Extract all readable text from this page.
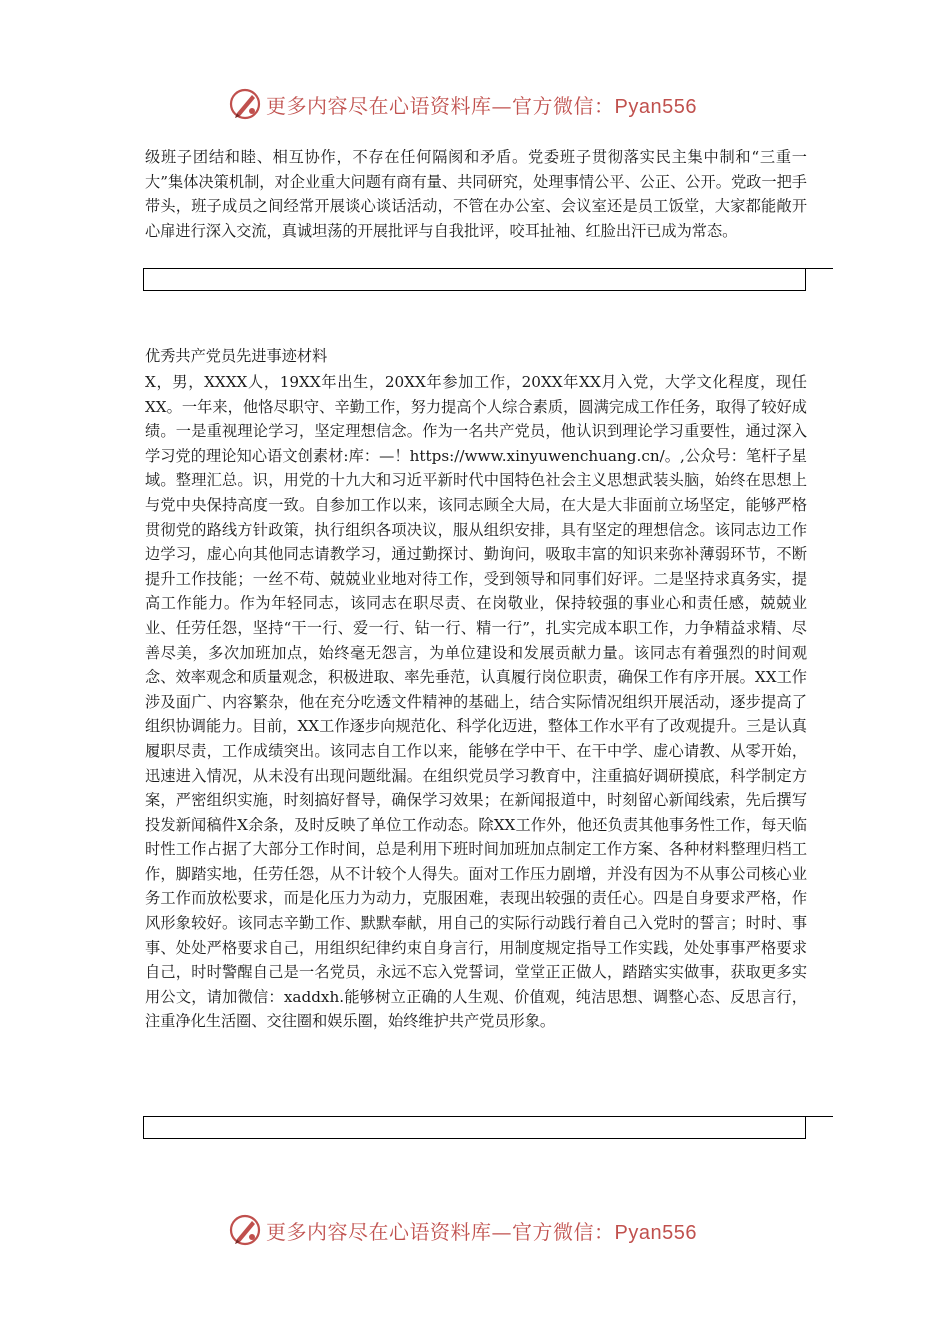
更多内容尽在心语资料库—官方微信：Pyan556

级班子团结和睦、相互协作，不存在任何隔阂和矛盾。党委班子贯彻落实民主集中制和“三重一大”集体决策机制，对企业重大问题有商有量、共同研究，处理事情公平、公正、公开。党政一把手带头，班子成员之间经常开展谈心谈话活动，不管在办公室、会议室还是员工饭堂，大家都能敞开心扉进行深入交流，真诚坦荡的开展批评与自我批评，咬耳扯袖、红脸出汗已成为常态。

优秀共产党员先进事迹材料

X，男，XXXX人，19XX年出生，20XX年参加工作，20XX年XX月入党，大学文化程度，现任XX。一年来，他恪尽职守、辛勤工作，努力提高个人综合素质，圆满完成工作任务，取得了较好成绩。一是重视理论学习，坚定理想信念。作为一名共产党员，他认识到理论学习重要性，通过深入学习党的理论知心语文创素材:库：—！https://www.xinyuwenchuang.cn/。,公众号：笔杆子星域。整理汇总。识，用党的十九大和习近平新时代中国特色社会主义思想武装头脑，始终在思想上与党中央保持高度一致。自参加工作以来，该同志顾全大局，在大是大非面前立场坚定，能够严格贯彻党的路线方针政策，执行组织各项决议，服从组织安排，具有坚定的理想信念。该同志边工作边学习，虚心向其他同志请教学习，通过勤探讨、勤询问，吸取丰富的知识来弥补薄弱环节，不断提升工作技能；一丝不苟、兢兢业业地对待工作，受到领导和同事们好评。二是坚持求真务实，提高工作能力。作为年轻同志，该同志在职尽责、在岗敬业，保持较强的事业心和责任感，兢兢业业、任劳任怨，坚持“干一行、爱一行、钻一行、精一行”，扎实完成本职工作，力争精益求精、尽善尽美，多次加班加点，始终毫无怨言，为单位建设和发展贡献力量。该同志有着强烈的时间观念、效率观念和质量观念，积极进取、率先垂范，认真履行岗位职责，确保工作有序开展。XX工作涉及面广、内容繁杂，他在充分吃透文件精神的基础上，结合实际情况组织开展活动，逐步提高了组织协调能力。目前，XX工作逐步向规范化、科学化迈进，整体工作水平有了改观提升。三是认真履职尽责，工作成绩突出。该同志自工作以来，能够在学中干、在干中学、虚心请教、从零开始，迅速进入情况，从未没有出现问题纰漏。在组织党员学习教育中，注重搞好调研摸底，科学制定方案，严密组织实施，时刻搞好督导，确保学习效果；在新闻报道中，时刻留心新闻线索，先后撰写投发新闻稿件X余条，及时反映了单位工作动态。除XX工作外，他还负责其他事务性工作，每天临时性工作占据了大部分工作时间，总是利用下班时间加班加点制定工作方案、各种材料整理归档工作，脚踏实地，任劳任怨，从不计较个人得失。面对工作压力剧增，并没有因为不从事公司核心业务工作而放松要求，而是化压力为动力，克服困难，表现出较强的责任心。四是自身要求严格，作风形象较好。该同志辛勤工作、默默奉献，用自己的实际行动践行着自己入党时的誓言；时时、事事、处处严格要求自己，用组织纪律约束自身言行，用制度规定指导工作实践，处处事事严格要求自己，时时警醒自己是一名党员，永远不忘入党誓词，堂堂正正做人，踏踏实实做事，获取更多实用公文，请加微信：xaddxh.能够树立正确的人生观、价值观，纯洁思想、调整心态、反思言行，注重净化生活圈、交往圈和娱乐圈，始终维护共产党员形象。

更多内容尽在心语资料库—官方微信：Pyan556
